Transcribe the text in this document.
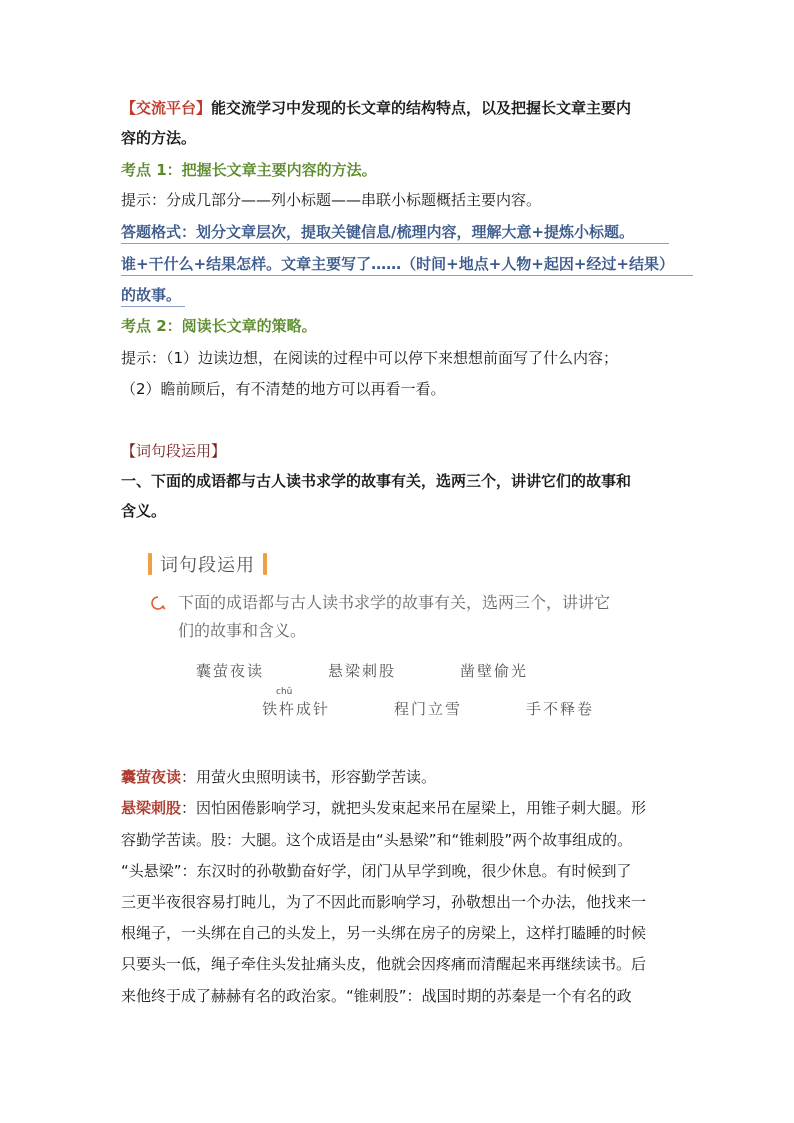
【交流平台】能交流学习中发现的长文章的结构特点，以及把握长文章主要内

容的方法。

考点 1：把握长文章主要内容的方法。

提示：分成几部分——列小标题——串联小标题概括主要内容。

答题格式：划分文章层次，提取关键信息/梳理内容，理解大意+提炼小标题。

谁+干什么+结果怎样。文章主要写了……（时间+地点+人物+起因+经过+结果）

的故事。

考点 2：阅读长文章的策略。

提示：（1）边读边想，在阅读的过程中可以停下来想想前面写了什么内容；

（2）瞻前顾后，有不清楚的地方可以再看一看。

【词句段运用】

一、下面的成语都与古人读书求学的故事有关，选两三个，讲讲它们的故事和

含义。

词句段运用
下面的成语都与古人读书求学的故事有关，选两三个，讲讲它
们的故事和含义。
囊萤夜读	悬梁刺股	凿壁偷光
chǔ
铁杵成针	程门立雪	手不释卷

囊萤夜读：用萤火虫照明读书，形容勤学苦读。

悬梁刺股：因怕困倦影响学习，就把头发束起来吊在屋梁上，用锥子刺大腿。形

容勤学苦读。股：大腿。这个成语是由“头悬梁”和“锥刺股”两个故事组成的。

“头悬梁”：东汉时的孙敬勤奋好学，闭门从早学到晚，很少休息。有时候到了

三更半夜很容易打盹儿，为了不因此而影响学习，孙敬想出一个办法，他找来一

根绳子，一头绑在自己的头发上，另一头绑在房子的房梁上，这样打瞌睡的时候

只要头一低，绳子牵住头发扯痛头皮，他就会因疼痛而清醒起来再继续读书。后

来他终于成了赫赫有名的政治家。“锥刺股”：战国时期的苏秦是一个有名的政
